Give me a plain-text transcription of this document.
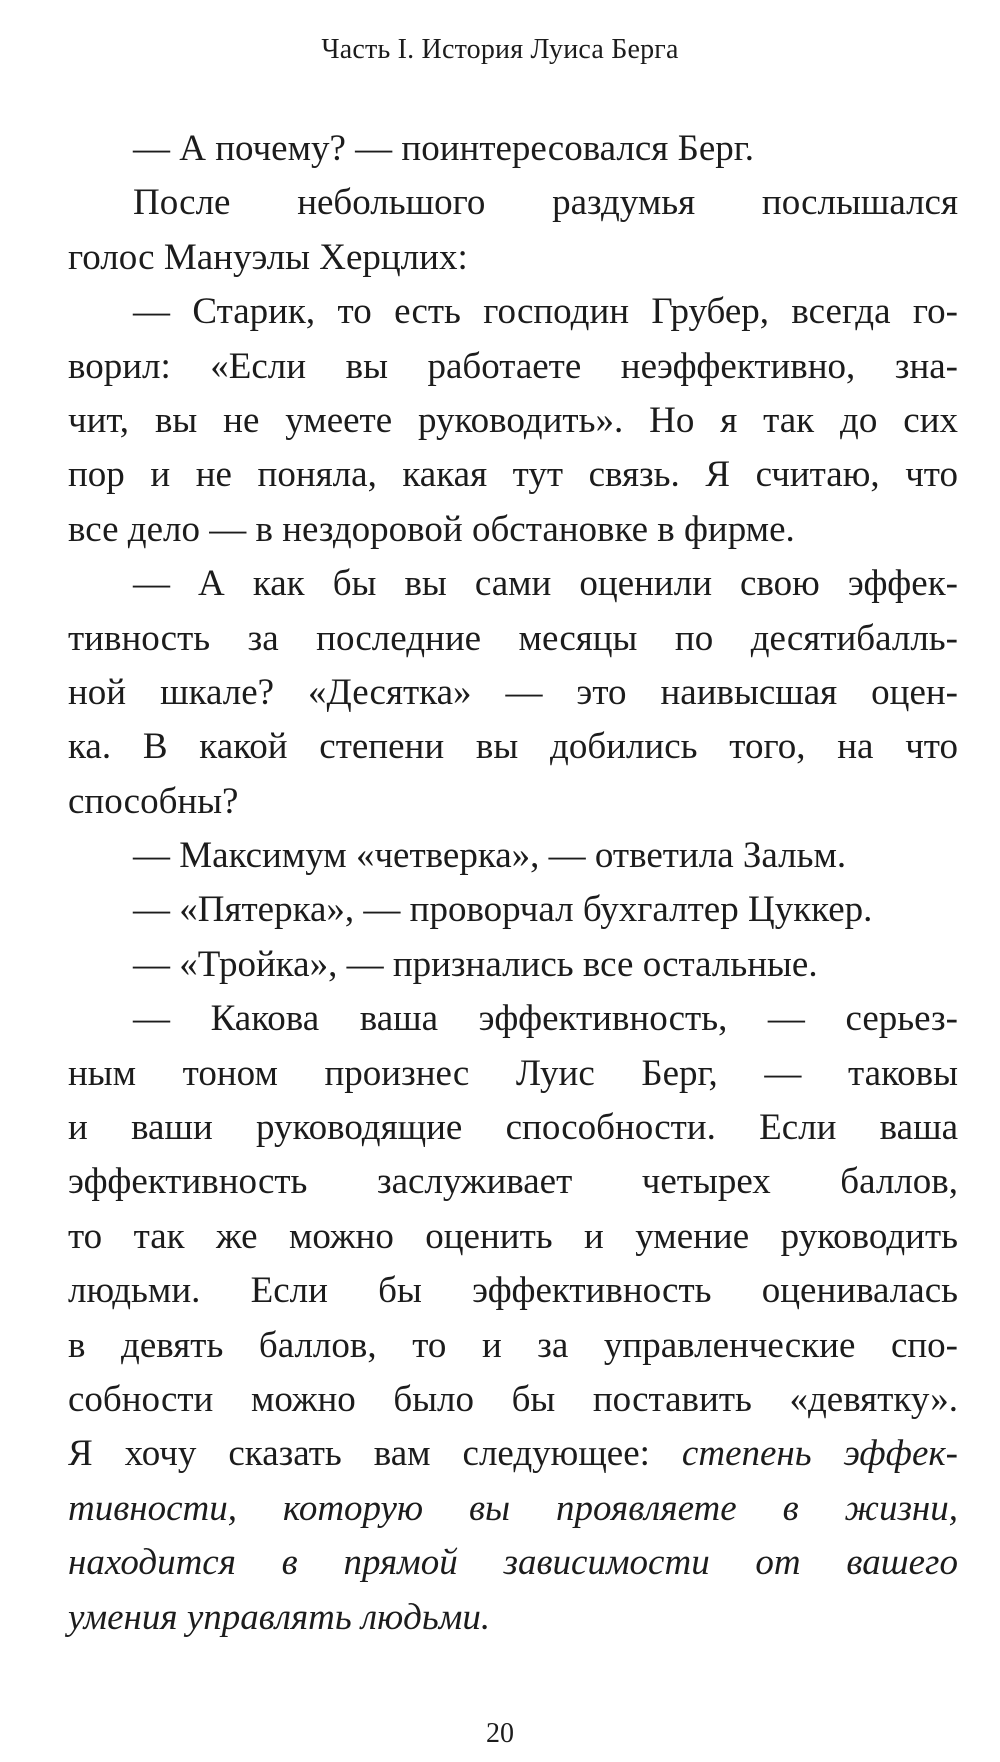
Часть I. История Луиса Берга
— А почему? — поинтересовался Берг.
После небольшого раздумья послышался
голос Мануэлы Херцлих:
— Старик, то есть господин Грубер, всегда го-
ворил: «Если вы работаете неэффективно, зна-
чит, вы не умеете руководить». Но я так до сих
пор и не поняла, какая тут связь. Я считаю, что
все дело — в нездоровой обстановке в фирме.
— А как бы вы сами оценили свою эффек-
тивность за последние месяцы по десятибалль-
ной шкале? «Десятка» — это наивысшая оцен-
ка. В какой степени вы добились того, на что
способны?
— Максимум «четверка», — ответила Зальм.
— «Пятерка», — проворчал бухгалтер Цуккер.
— «Тройка», — признались все остальные.
— Какова ваша эффективность, — серьез-
ным тоном произнес Луис Берг, — таковы
и ваши руководящие способности. Если ваша
эффективность заслуживает четырех баллов,
то так же можно оценить и умение руководить
людьми. Если бы эффективность оценивалась
в девять баллов, то и за управленческие спо-
собности можно было бы поставить «девятку».
Я хочу сказать вам следующее: степень эффек-
тивности, которую вы проявляете в жизни,
находится в прямой зависимости от вашего
умения управлять людьми.
20
